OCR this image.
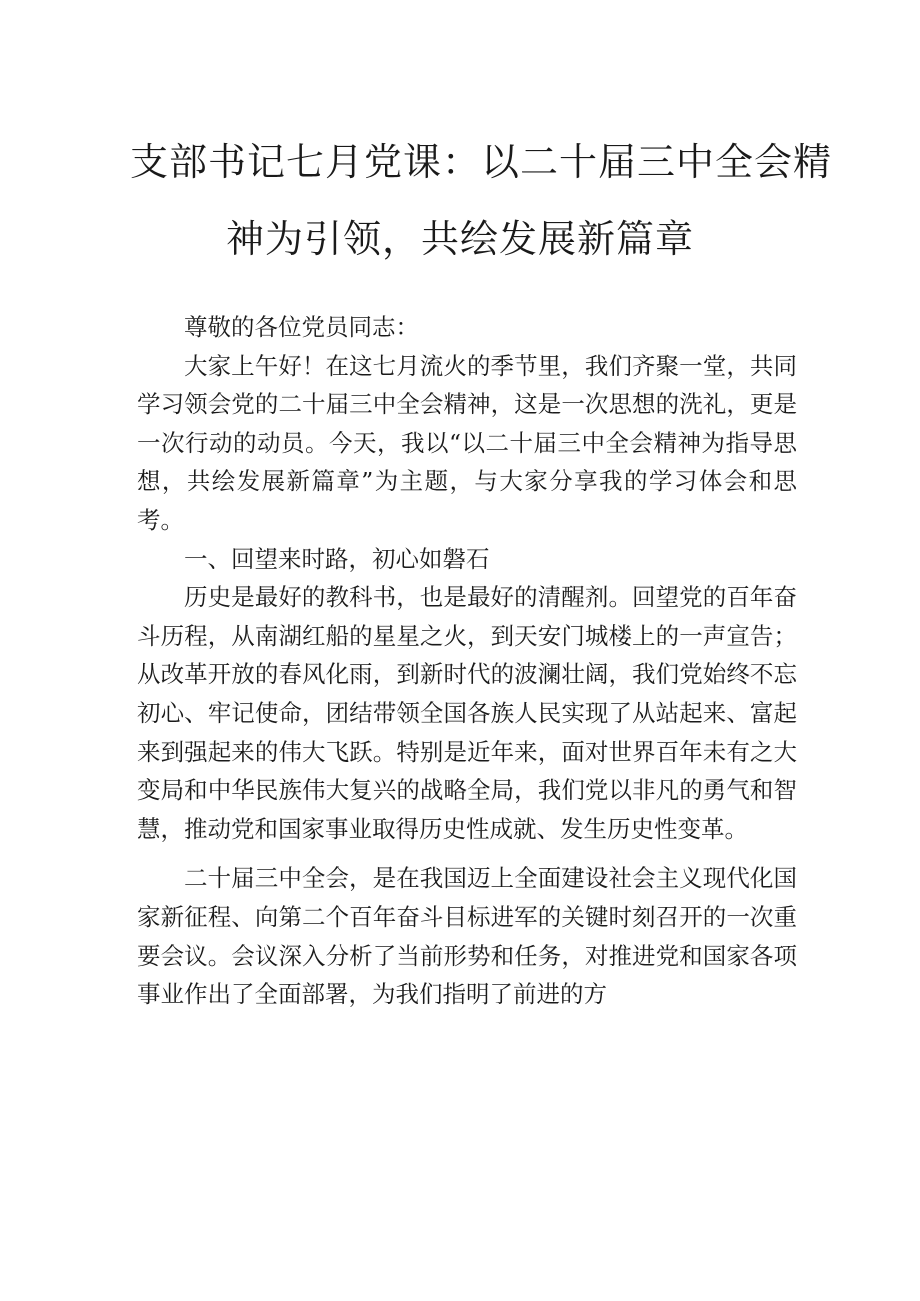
支部书记七月党课：以二十届三中全会精
神为引领，共绘发展新篇章

尊敬的各位党员同志：

大家上午好！在这七月流火的季节里，我们齐聚一堂，共同学习领会党的二十届三中全会精神，这是一次思想的洗礼，更是一次行动的动员。今天，我以“以二十届三中全会精神为指导思想，共绘发展新篇章”为主题，与大家分享我的学习体会和思考。

一、回望来时路，初心如磐石

历史是最好的教科书，也是最好的清醒剂。回望党的百年奋斗历程，从南湖红船的星星之火，到天安门城楼上的一声宣告；从改革开放的春风化雨，到新时代的波澜壮阔，我们党始终不忘初心、牢记使命，团结带领全国各族人民实现了从站起来、富起来到强起来的伟大飞跃。特别是近年来，面对世界百年未有之大变局和中华民族伟大复兴的战略全局，我们党以非凡的勇气和智慧，推动党和国家事业取得历史性成就、发生历史性变革。

二十届三中全会，是在我国迈上全面建设社会主义现代化国家新征程、向第二个百年奋斗目标进军的关键时刻召开的一次重要会议。会议深入分析了当前形势和任务，对推进党和国家各项事业作出了全面部署，为我们指明了前进的方
